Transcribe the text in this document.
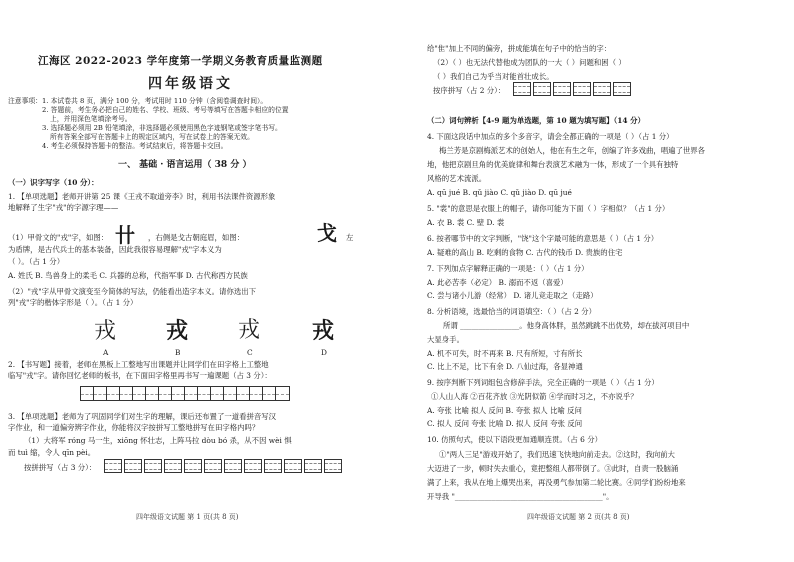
江海区 2022-2023 学年度第一学期义务教育质量监测题
四年级语文
注意事项：1. 本试卷共 8 页，满分 100 分，考试用时 110 分钟（含阅卷调查时间）。
2. 答题前，考生务必把自己的姓名、学校、班级、考号等填写在答题卡相应的位置
上，并用深色笔填涂考号。
3. 选择题必须用 2B 铅笔填涂，非选择题必须使用黑色字迹钢笔或签字笔书写。
所有答案全部写在答题卡上的规定区域内，写在试卷上的答案无效。
4. 考生必须保持答题卡的整洁。考试结束后，将答题卡交回。
一、 基础 · 语言运用（ 38 分 ）
（一）识字写字（10 分）：
1. 【单项选题】老师开讲第 25 课《王戎不取道旁李》时，利用书法课件资源形象
地解释了生字"戎"的字源字理——
（1）甲骨文的"戎"字，如图： 卄	，右侧是戈古朝庭眉，如图：	戈	左
为盾牌，是古代兵士的基本装备，因此我很容易理解"戎"字本义为
（ ）。（占 1 分）
A. 姓氏 B. 鸟兽身上的柔毛 C. 兵器的总称，代指军事 D. 古代称西方民族
（2）"戎"字从甲骨文演变至今简体的写法，仍能看出造字本义。请你选出下
列"戎"字的楷体字形是（ ）。（占 1 分）
戎 戎 戎 戎
A	B	C	D
2. 【书写题】接着，老师在黑板上工整地写出课题并让同学们在田字格上工整地
临写"戎"字。请你回忆老师的板书，在下面田字格里再书写一遍课题（占 3 分）：
3. 【单项选题】老师为了巩固同学们对生字的理解，课后还布置了一道看拼音写汉
字作业，和一道偏旁辨字作业，你能将汉字按拼写工整地拼写在田字格内吗？
（1）大将军 róng 马一生，xiōng 怀壮志，上阵马拉 dòu bó 杀，从不因 wèi 惧
而 tuì 缩，令人 qīn pèi。
按拼拼写（占 3 分）：
四年级语文试题 第 1 页(共 8 页)
给"隹"加上不同的偏旁，拼成能填在句子中的恰当的字：
（2）（ ）也无法代替他成为团队的一大（ ）问题和困（ ）
（ ）我们自己为乎当对能首壮成长。
按序拼写（占 2 分）：
（二）词句辨析【4-9 题为单选题，第 10 题为填写题】（14 分）
4. 下面这段话中加点的多个多音字，请会全都正确的一项是（ ）（占 1 分）
梅兰芳是京剧梅派艺术的创始人，他在有生之年，创编了许多戏曲，唱遍了世界各
地，他把京剧旦角的优美旋律和舞台表演艺术融为一体，形成了一个具有独特
风格的艺术流派。
A. qū jué B. qǔ jiào C. qǔ jiào D. qū jué
5. "裳"的意思是衣服上的帽子，请你可能为下面（ ）字相似？（占 1 分）
A. 衣 B. 裳 C. 壁 D. 裳
6. 按者哪节中的文字判断，"饶"这个字最可能的意思是（ ）（占 1 分）
A. 疑难的高山 B. 吃剩的食物 C. 古代的钱币 D. 贵族的住宅
7. 下列加点字解释正确的一项是：（ ）（占 1 分）
A. 此必苦李（必定） B. 溺而不返（喜爱）
C. 尝与诸小儿游（经常） D. 诸儿竞走取之（走路）
8. 分析语境，选最恰当的词语填空：（ ）（占 2 分）
所谓 ________________。他身高体胖，虽然跳跳不出优势，却在拔河项目中
大显身手。
A. 机不可失，时不再来 B. 尺有所短，寸有所长
C. 比上不足，比下有余 D. 八仙过海，各显神通
9. 按序判断下列词组包含修辞手法，完全正确的一项是（ ）（占 1 分）
①人山人海 ②百花齐放 ③光阴似箭 ④学而时习之，不亦说乎？
A. 夸张 比喻 拟人 反问 B. 夸张 拟人 比喻 反问
C. 拟人 反问 夸张 比喻 D. 拟人 反问 夸张 反问
10. 仿照句式，使以下语段更加通顺连贯。（占 6 分）
①"两人三足"游戏开始了，我们迅速飞快地向前走去。②这时，我向前大
大迈进了一步，顿时失去重心，竟把整组人都带倒了。③此时，自责一股脑涌
满了上来，我从在地上爆哭出来，再没勇气参加第二轮比赛。④同学们纷纷地来
开导我 "________________________________________"。
四年级语文试题 第 2 页(共 8 页)
